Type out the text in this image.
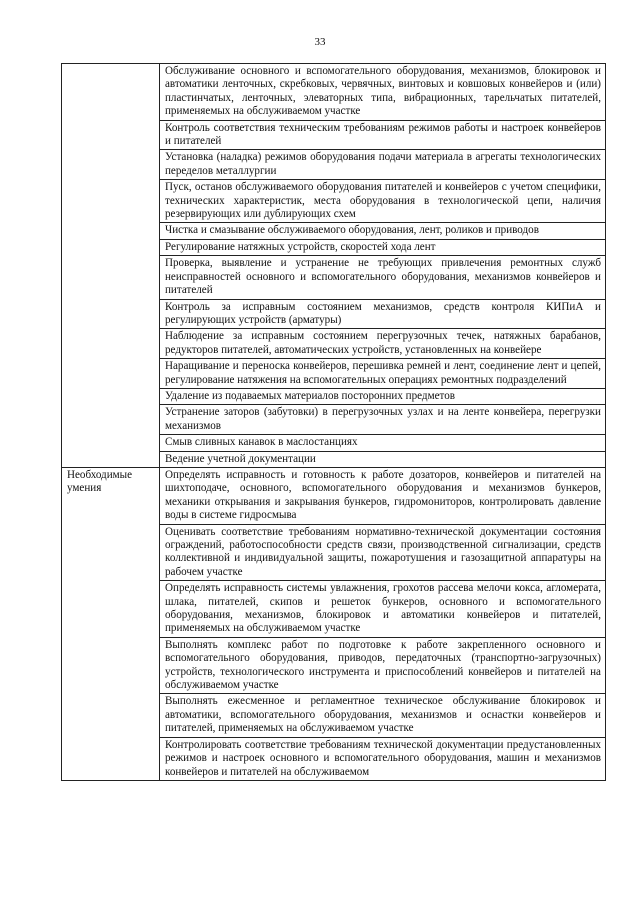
33
	Обслуживание основного и вспомогательного оборудования, механизмов, блокировок и автоматики ленточных, скребковых, червячных, винтовых и ковшовых конвейеров и (или) пластинчатых, ленточных, элеваторных типа, вибрационных, тарельчатых питателей, применяемых на обслуживаемом участке
	Контроль соответствия техническим требованиям режимов работы и настроек конвейеров и питателей
	Установка (наладка) режимов оборудования подачи материала в агрегаты технологических переделов металлургии
	Пуск, останов обслуживаемого оборудования питателей и конвейеров с учетом специфики, технических характеристик, места оборудования в технологической цепи, наличия резервирующих или дублирующих схем
	Чистка и смазывание обслуживаемого оборудования, лент, роликов и приводов
	Регулирование натяжных устройств, скоростей хода лент
	Проверка, выявление и устранение не требующих привлечения ремонтных служб неисправностей основного и вспомогательного оборудования, механизмов конвейеров и питателей
	Контроль за исправным состоянием механизмов, средств контроля КИПиА и регулирующих устройств (арматуры)
	Наблюдение за исправным состоянием перегрузочных течек, натяжных барабанов, редукторов питателей, автоматических устройств, установленных на конвейере
	Наращивание и переноска конвейеров, перешивка ремней и лент, соединение лент и цепей, регулирование натяжения на вспомогательных операциях ремонтных подразделений
	Удаление из подаваемых материалов посторонних предметов
	Устранение заторов (забутовки) в перегрузочных узлах и на ленте конвейера, перегрузки механизмов
	Смыв сливных канавок в маслостанциях
	Ведение учетной документации
Необходимые умения	Определять исправность и готовность к работе дозаторов, конвейеров и питателей на шихтоподаче, основного, вспомогательного оборудования и механизмов бункеров, механики открывания и закрывания бункеров, гидромониторов, контролировать давление воды в системе гидросмыва
	Оценивать соответствие требованиям нормативно-технической документации состояния ограждений, работоспособности средств связи, производственной сигнализации, средств коллективной и индивидуальной защиты, пожаротушения и газозащитной аппаратуры на рабочем участке
	Определять исправность системы увлажнения, грохотов рассева мелочи кокса, агломерата, шлака, питателей, скипов и решеток бункеров, основного и вспомогательного оборудования, механизмов, блокировок и автоматики конвейеров и питателей, применяемых на обслуживаемом участке
	Выполнять комплекс работ по подготовке к работе закрепленного основного и вспомогательного оборудования, приводов, передаточных (транспортно-загрузочных) устройств, технологического инструмента и приспособлений конвейеров и питателей на обслуживаемом участке
	Выполнять ежесменное и регламентное техническое обслуживание блокировок и автоматики, вспомогательного оборудования, механизмов и оснастки конвейеров и питателей, применяемых на обслуживаемом участке
	Контролировать соответствие требованиям технической документации предустановленных режимов и настроек основного и вспомогательного оборудования, машин и механизмов конвейеров и питателей на обслуживаемом
